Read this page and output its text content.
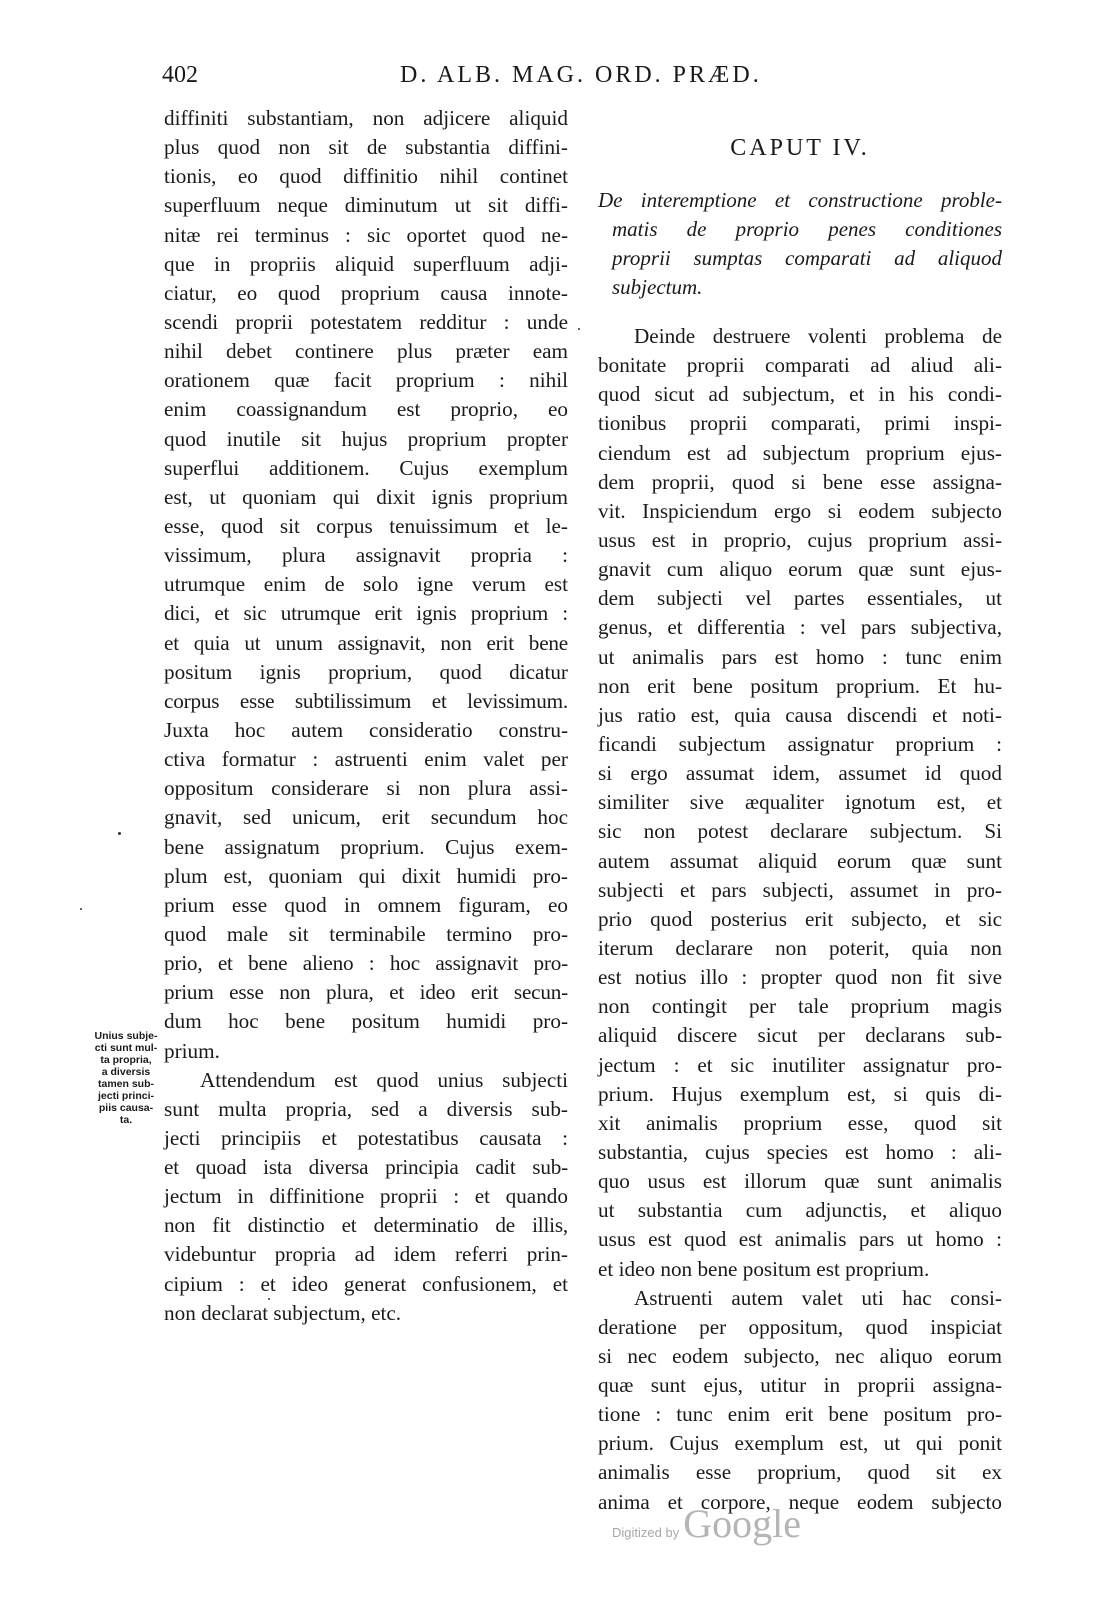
402	D. ALB. MAG. ORD. PRÆD.
diffiniti substantiam, non adjicere aliquid
plus quod non sit de substantia diffini-
tionis, eo quod diffinitio nihil continet
superfluum neque diminutum ut sit diffi-
nitæ rei terminus : sic oportet quod ne-
que in propriis aliquid superfluum adji-
ciatur, eo quod proprium causa innote-
scendi proprii potestatem redditur : unde
nihil debet continere plus præter eam
orationem quæ facit proprium : nihil
enim coassignandum est proprio, eo
quod inutile sit hujus proprium propter
superflui additionem. Cujus exemplum
est, ut quoniam qui dixit ignis proprium
esse, quod sit corpus tenuissimum et le-
vissimum, plura assignavit propria :
utrumque enim de solo igne verum est
dici, et sic utrumque erit ignis proprium :
et quia ut unum assignavit, non erit bene
positum ignis proprium, quod dicatur
corpus esse subtilissimum et levissimum.
Juxta hoc autem consideratio constru-
ctiva formatur : astruenti enim valet per
oppositum considerare si non plura assi-
gnavit, sed unicum, erit secundum hoc
bene assignatum proprium. Cujus exem-
plum est, quoniam qui dixit humidi pro-
prium esse quod in omnem figuram, eo
quod male sit terminabile termino pro-
prio, et bene alieno : hoc assignavit pro-
prium esse non plura, et ideo erit secun-
dum hoc bene positum humidi pro-
prium.
Attendendum est quod unius subjecti
sunt multa propria, sed a diversis sub-
jecti principiis et potestatibus causata :
et quoad ista diversa principia cadit sub-
jectum in diffinitione proprii : et quando
non fit distinctio et determinatio de illis,
videbuntur propria ad idem referri prin-
cipium : et ideo generat confusionem, et
non declarat subjectum, etc.
Unius subje-
cti sunt mul-
ta propria,
a diversis
tamen sub-
jecti princi-
piis causa-
ta.
CAPUT IV.
De interemptione et constructione proble-
matis de proprio penes conditiones
proprii sumptas comparati ad aliquod
subjectum.
Deinde destruere volenti problema de
bonitate proprii comparati ad aliud ali-
quod sicut ad subjectum, et in his condi-
tionibus proprii comparati, primi inspi-
ciendum est ad subjectum proprium ejus-
dem proprii, quod si bene esse assigna-
vit. Inspiciendum ergo si eodem subjecto
usus est in proprio, cujus proprium assi-
gnavit cum aliquo eorum quæ sunt ejus-
dem subjecti vel partes essentiales, ut
genus, et differentia : vel pars subjectiva,
ut animalis pars est homo : tunc enim
non erit bene positum proprium. Et hu-
jus ratio est, quia causa discendi et noti-
ficandi subjectum assignatur proprium :
si ergo assumat idem, assumet id quod
similiter sive æqualiter ignotum est, et
sic non potest declarare subjectum. Si
autem assumat aliquid eorum quæ sunt
subjecti et pars subjecti, assumet in pro-
prio quod posterius erit subjecto, et sic
iterum declarare non poterit, quia non
est notius illo : propter quod non fit sive
non contingit per tale proprium magis
aliquid discere sicut per declarans sub-
jectum : et sic inutiliter assignatur pro-
prium. Hujus exemplum est, si quis di-
xit animalis proprium esse, quod sit
substantia, cujus species est homo : ali-
quo usus est illorum quæ sunt animalis
ut substantia cum adjunctis, et aliquo
usus est quod est animalis pars ut homo :
et ideo non bene positum est proprium.
Astruenti autem valet uti hac consi-
deratione per oppositum, quod inspiciat
si nec eodem subjecto, nec aliquo eorum
quæ sunt ejus, utitur in proprii assigna-
tione : tunc enim erit bene positum pro-
prium. Cujus exemplum est, ut qui ponit
animalis esse proprium, quod sit ex
anima et corpore, neque eodem subjecto
Digitized by Google
